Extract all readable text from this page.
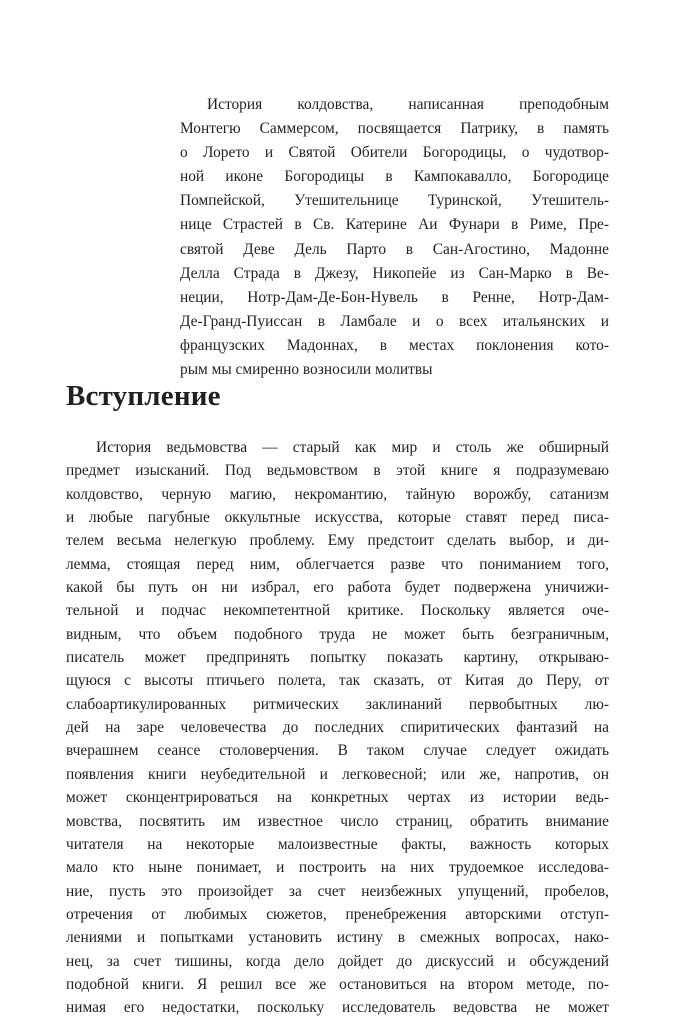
История колдовства, написанная преподобным
Монтегю Саммерсом, посвящается Патрику, в память
о Лорето и Святой Обители Богородицы, о чудотвор-
ной иконе Богородицы в Кампокавалло, Богородице
Помпейской, Утешительнице Туринской, Утешитель-
нице Страстей в Св. Катерине Аи Фунари в Риме, Пре-
святой Деве Дель Парто в Сан-Агостино, Мадонне
Делла Страда в Джезу, Никопейе из Сан-Марко в Ве-
неции, Нотр-Дам-Де-Бон-Нувель в Ренне, Нотр-Дам-
Де-Гранд-Пуиссан в Ламбале и о всех итальянских и
французских Мадоннах, в местах поклонения кото-
рым мы смиренно возносили молитвы
Вступление
История ведьмовства — старый как мир и столь же обширный
предмет изысканий. Под ведьмовством в этой книге я подразумеваю
колдовство, черную магию, некромантию, тайную ворожбу, сатанизм
и любые пагубные оккультные искусства, которые ставят перед писа-
телем весьма нелегкую проблему. Ему предстоит сделать выбор, и ди-
лемма, стоящая перед ним, облегчается разве что пониманием того,
какой бы путь он ни избрал, его работа будет подвержена уничижи-
тельной и подчас некомпетентной критике. Поскольку является оче-
видным, что объем подобного труда не может быть безграничным,
писатель может предпринять попытку показать картину, открываю-
щуюся с высоты птичьего полета, так сказать, от Китая до Перу, от
слабоартикулированных ритмических заклинаний первобытных лю-
дей на заре человечества до последних спиритических фантазий на
вчерашнем сеансе столоверчения. В таком случае следует ожидать
появления книги неубедительной и легковесной; или же, напротив, он
может сконцентрироваться на конкретных чертах из истории ведь-
мовства, посвятить им известное число страниц, обратить внимание
читателя на некоторые малоизвестные факты, важность которых
мало кто ныне понимает, и построить на них трудоемкое исследова-
ние, пусть это произойдет за счет неизбежных упущений, пробелов,
отречения от любимых сюжетов, пренебрежения авторскими отступ-
лениями и попытками установить истину в смежных вопросах, нако-
нец, за счет тишины, когда дело дойдет до дискуссий и обсуждений
подобной книги. Я решил все же остановиться на втором методе, по-
нимая его недостатки, поскольку исследователь ведовства не может
